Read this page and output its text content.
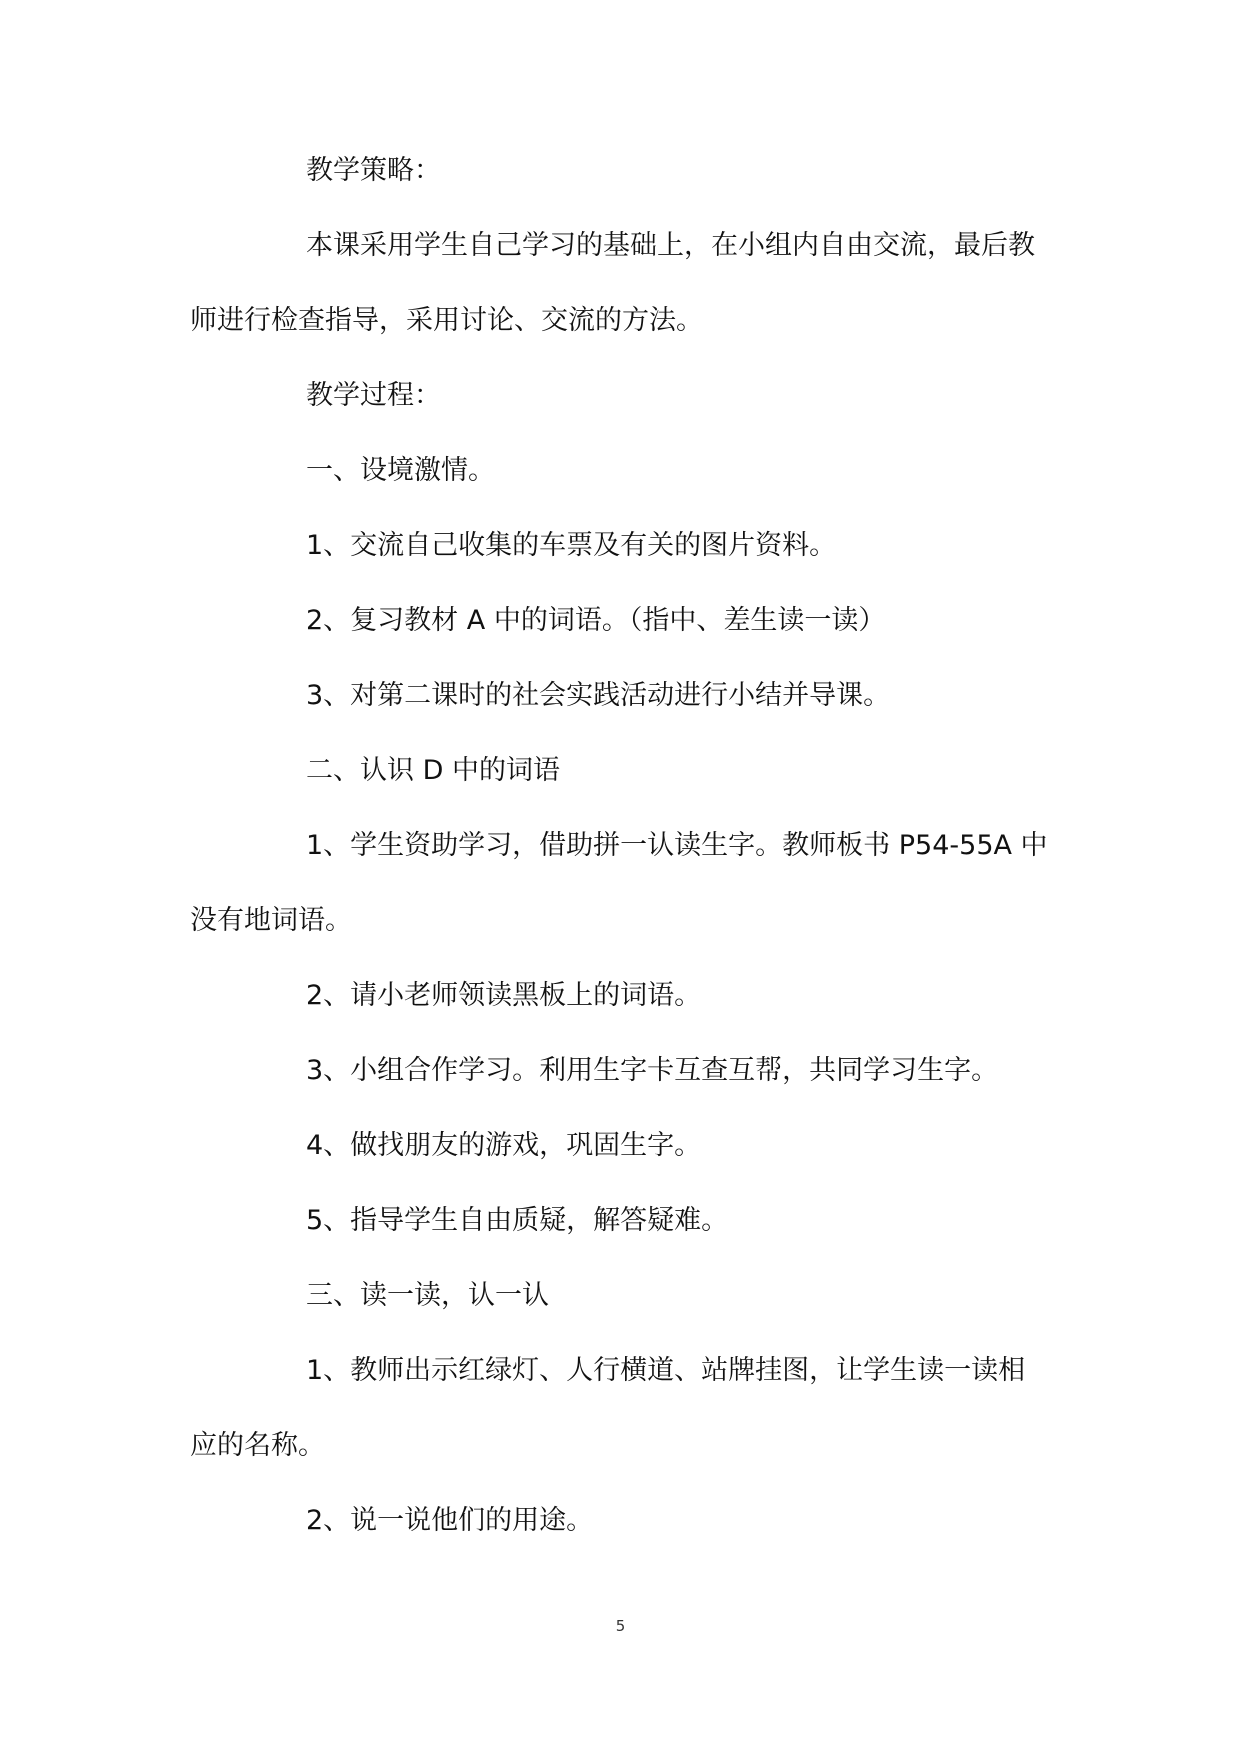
教学策略：

本课采用学生自己学习的基础上，在小组内自由交流，最后教师进行检查指导，采用讨论、交流的方法。

教学过程：

一、设境激情。

1、交流自己收集的车票及有关的图片资料。

2、复习教材 A 中的词语。（指中、差生读一读）

3、对第二课时的社会实践活动进行小结并导课。

二、认识 D 中的词语

1、学生资助学习，借助拼一认读生字。教师板书 P54-55A 中没有地词语。

2、请小老师领读黑板上的词语。

3、小组合作学习。利用生字卡互查互帮，共同学习生字。

4、做找朋友的游戏，巩固生字。

5、指导学生自由质疑，解答疑难。

三、读一读，认一认

1、教师出示红绿灯、人行横道、站牌挂图，让学生读一读相应的名称。

2、说一说他们的用途。

5
